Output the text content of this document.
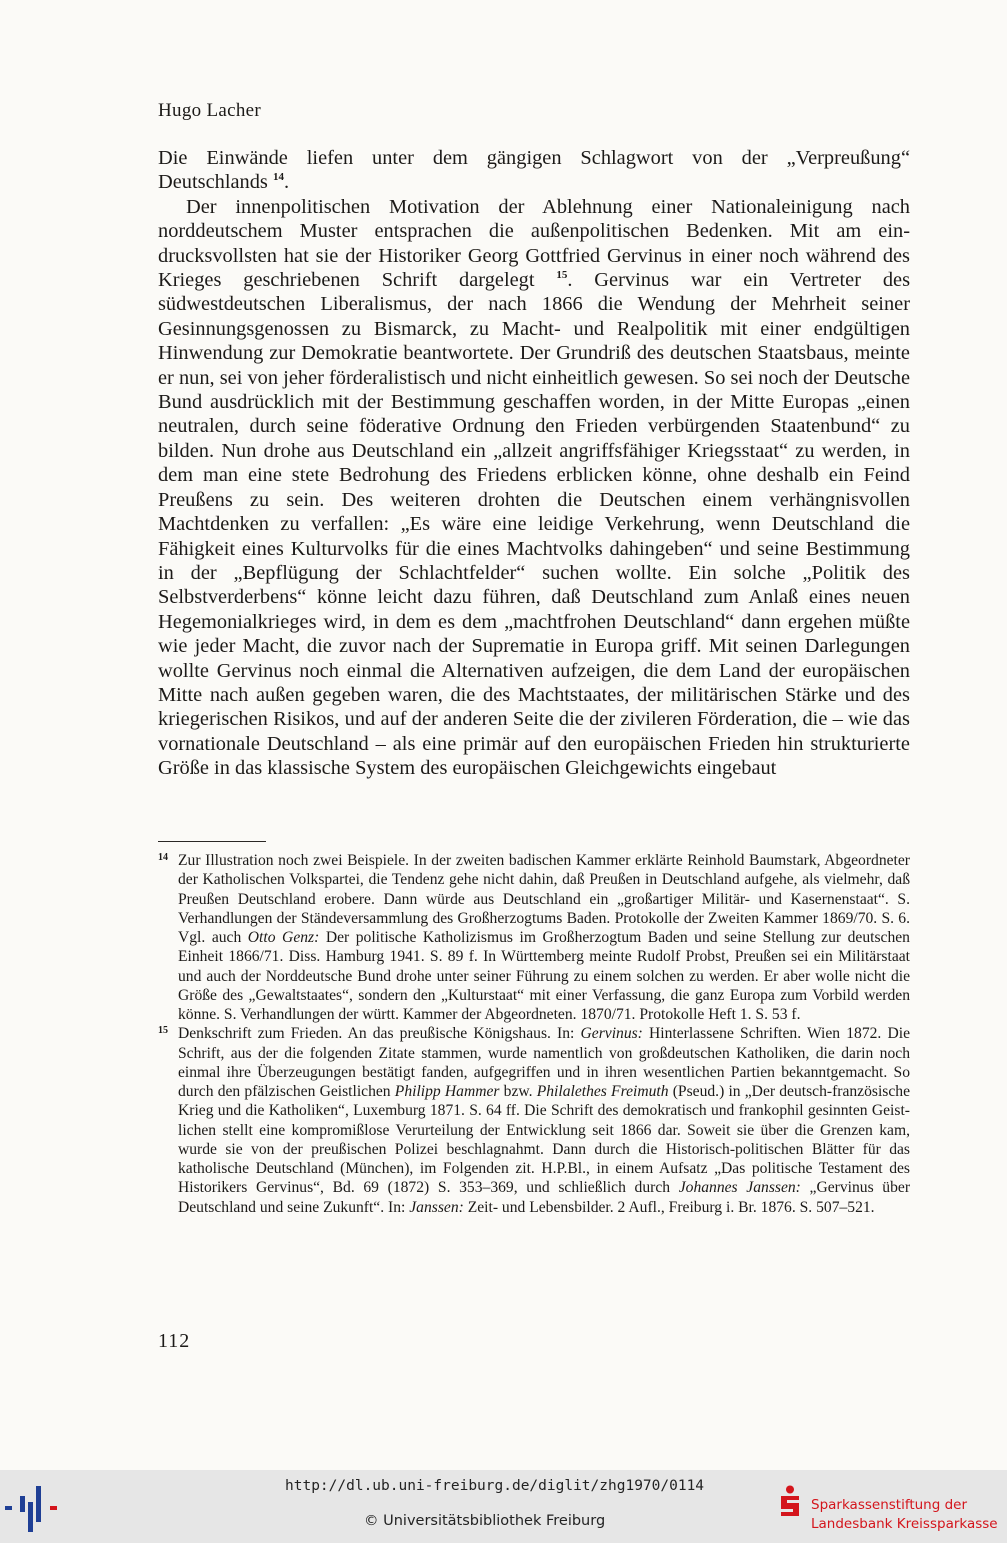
Hugo Lacher

Die Einwände liefen unter dem gängigen Schlagwort von der „Verpreußung“ Deutschlands $^{14}$.

Der innenpolitischen Motivation der Ablehnung einer Nationaleinigung nach norddeutschem Muster entsprachen die außenpolitischen Bedenken. Mit am eindrucksvollsten hat sie der Historiker Georg Gottfried Gervinus in einer noch während des Krieges geschriebenen Schrift dargelegt $^{15}$. Gervinus war ein Vertreter des südwestdeutschen Liberalismus, der nach 1866 die Wendung der Mehrheit seiner Gesinnungsgenossen zu Bismarck, zu Macht- und Realpolitik mit einer endgültigen Hinwendung zur Demokratie beantwortete. Der Grundriß des deutschen Staatsbaus, meinte er nun, sei von jeher förderalistisch und nicht einheitlich gewesen. So sei noch der Deutsche Bund ausdrücklich mit der Bestimmung geschaffen worden, in der Mitte Europas „einen neutralen, durch seine föderative Ordnung den Frieden verbürgenden Staatenbund“ zu bilden. Nun drohe aus Deutschland ein „allzeit angriffsfähiger Kriegsstaat“ zu werden, in dem man eine stete Bedrohung des Friedens erblicken könne, ohne deshalb ein Feind Preußens zu sein. Des weiteren drohten die Deutschen einem verhängnisvollen Machtdenken zu verfallen: „Es wäre eine leidige Verkehrung, wenn Deutschland die Fähigkeit eines Kulturvolks für die eines Machtvolks dahingeben“ und seine Bestimmung in der „Bepflügung der Schlachtfelder“ suchen wollte. Ein solche „Politik des Selbstverderbens“ könne leicht dazu führen, daß Deutschland zum Anlaß eines neuen Hegemonialkrieges wird, in dem es dem „machtfrohen Deutschland“ dann ergehen müßte wie jeder Macht, die zuvor nach der Suprematie in Europa griff. Mit seinen Darlegungen wollte Gervinus noch einmal die Alternativen aufzeigen, die dem Land der europäischen Mitte nach außen gegeben waren, die des Machtstaates, der militärischen Stärke und des kriegerischen Risikos, und auf der anderen Seite die der zivileren Förderation, die – wie das vornationale Deutschland – als eine primär auf den europäischen Frieden hin strukturierte Größe in das klassische System des europäischen Gleichgewichts eingebaut

14 Zur Illustration noch zwei Beispiele. In der zweiten badischen Kammer erklärte Reinhold Baumstark, Abgeordneter der Katholischen Volkspartei, die Tendenz gehe nicht dahin, daß Preußen in Deutschland aufgehe, als vielmehr, daß Preußen Deutschland erobere. Dann würde aus Deutschland ein „großartiger Militär- und Kasernenstaat“. S. Verhandlungen der Ständeversammlung des Großherzogtums Baden. Protokolle der Zweiten Kammer 1869/70. S. 6. Vgl. auch Otto Genz: Der politische Katholizismus im Großherzogtum Baden und seine Stellung zur deutschen Einheit 1866/71. Diss. Hamburg 1941. S. 89 f. In Württemberg meinte Rudolf Probst, Preußen sei ein Militärstaat und auch der Norddeutsche Bund drohe unter seiner Führung zu einem solchen zu werden. Er aber wolle nicht die Größe des „Gewaltstaates“, sondern den „Kulturstaat“ mit einer Verfassung, die ganz Europa zum Vorbild werden könne. S. Verhandlungen der württ. Kammer der Abgeordneten. 1870/71. Protokolle Heft 1. S. 53 f.

15 Denkschrift zum Frieden. An das preußische Königshaus. In: Gervinus: Hinterlassene Schriften. Wien 1872. Die Schrift, aus der die folgenden Zitate stammen, wurde namentlich von großdeutschen Katholiken, die darin noch einmal ihre Überzeugungen bestätigt fanden, aufgegriffen und in ihren wesentlichen Partien bekanntgemacht. So durch den pfälzischen Geistlichen Philipp Hammer bzw. Philalethes Freimuth (Pseud.) in „Der deutsch-französische Krieg und die Katholiken“, Luxemburg 1871. S. 64 ff. Die Schrift des demokratisch und frankophil gesinnten Geistlichen stellt eine kompromißlose Verurteilung der Entwicklung seit 1866 dar. Soweit sie über die Grenzen kam, wurde sie von der preußischen Polizei beschlagnahmt. Dann durch die Historisch-politischen Blätter für das katholische Deutschland (München), im Folgenden zit. H.P.Bl., in einem Aufsatz „Das politische Testament des Historikers Gervinus“, Bd. 69 (1872) S. 353–369, und schließlich durch Johannes Janssen: „Gervinus über Deutschland und seine Zukunft“. In: Janssen: Zeit- und Lebensbilder. 2 Aufl., Freiburg i. Br. 1876. S. 507–521.

112
http://dl.ub.uni-freiburg.de/diglit/zhg1970/0114
© Universitätsbibliothek Freiburg
Sparkassenstiftung der
Landesbank Kreissparkasse
